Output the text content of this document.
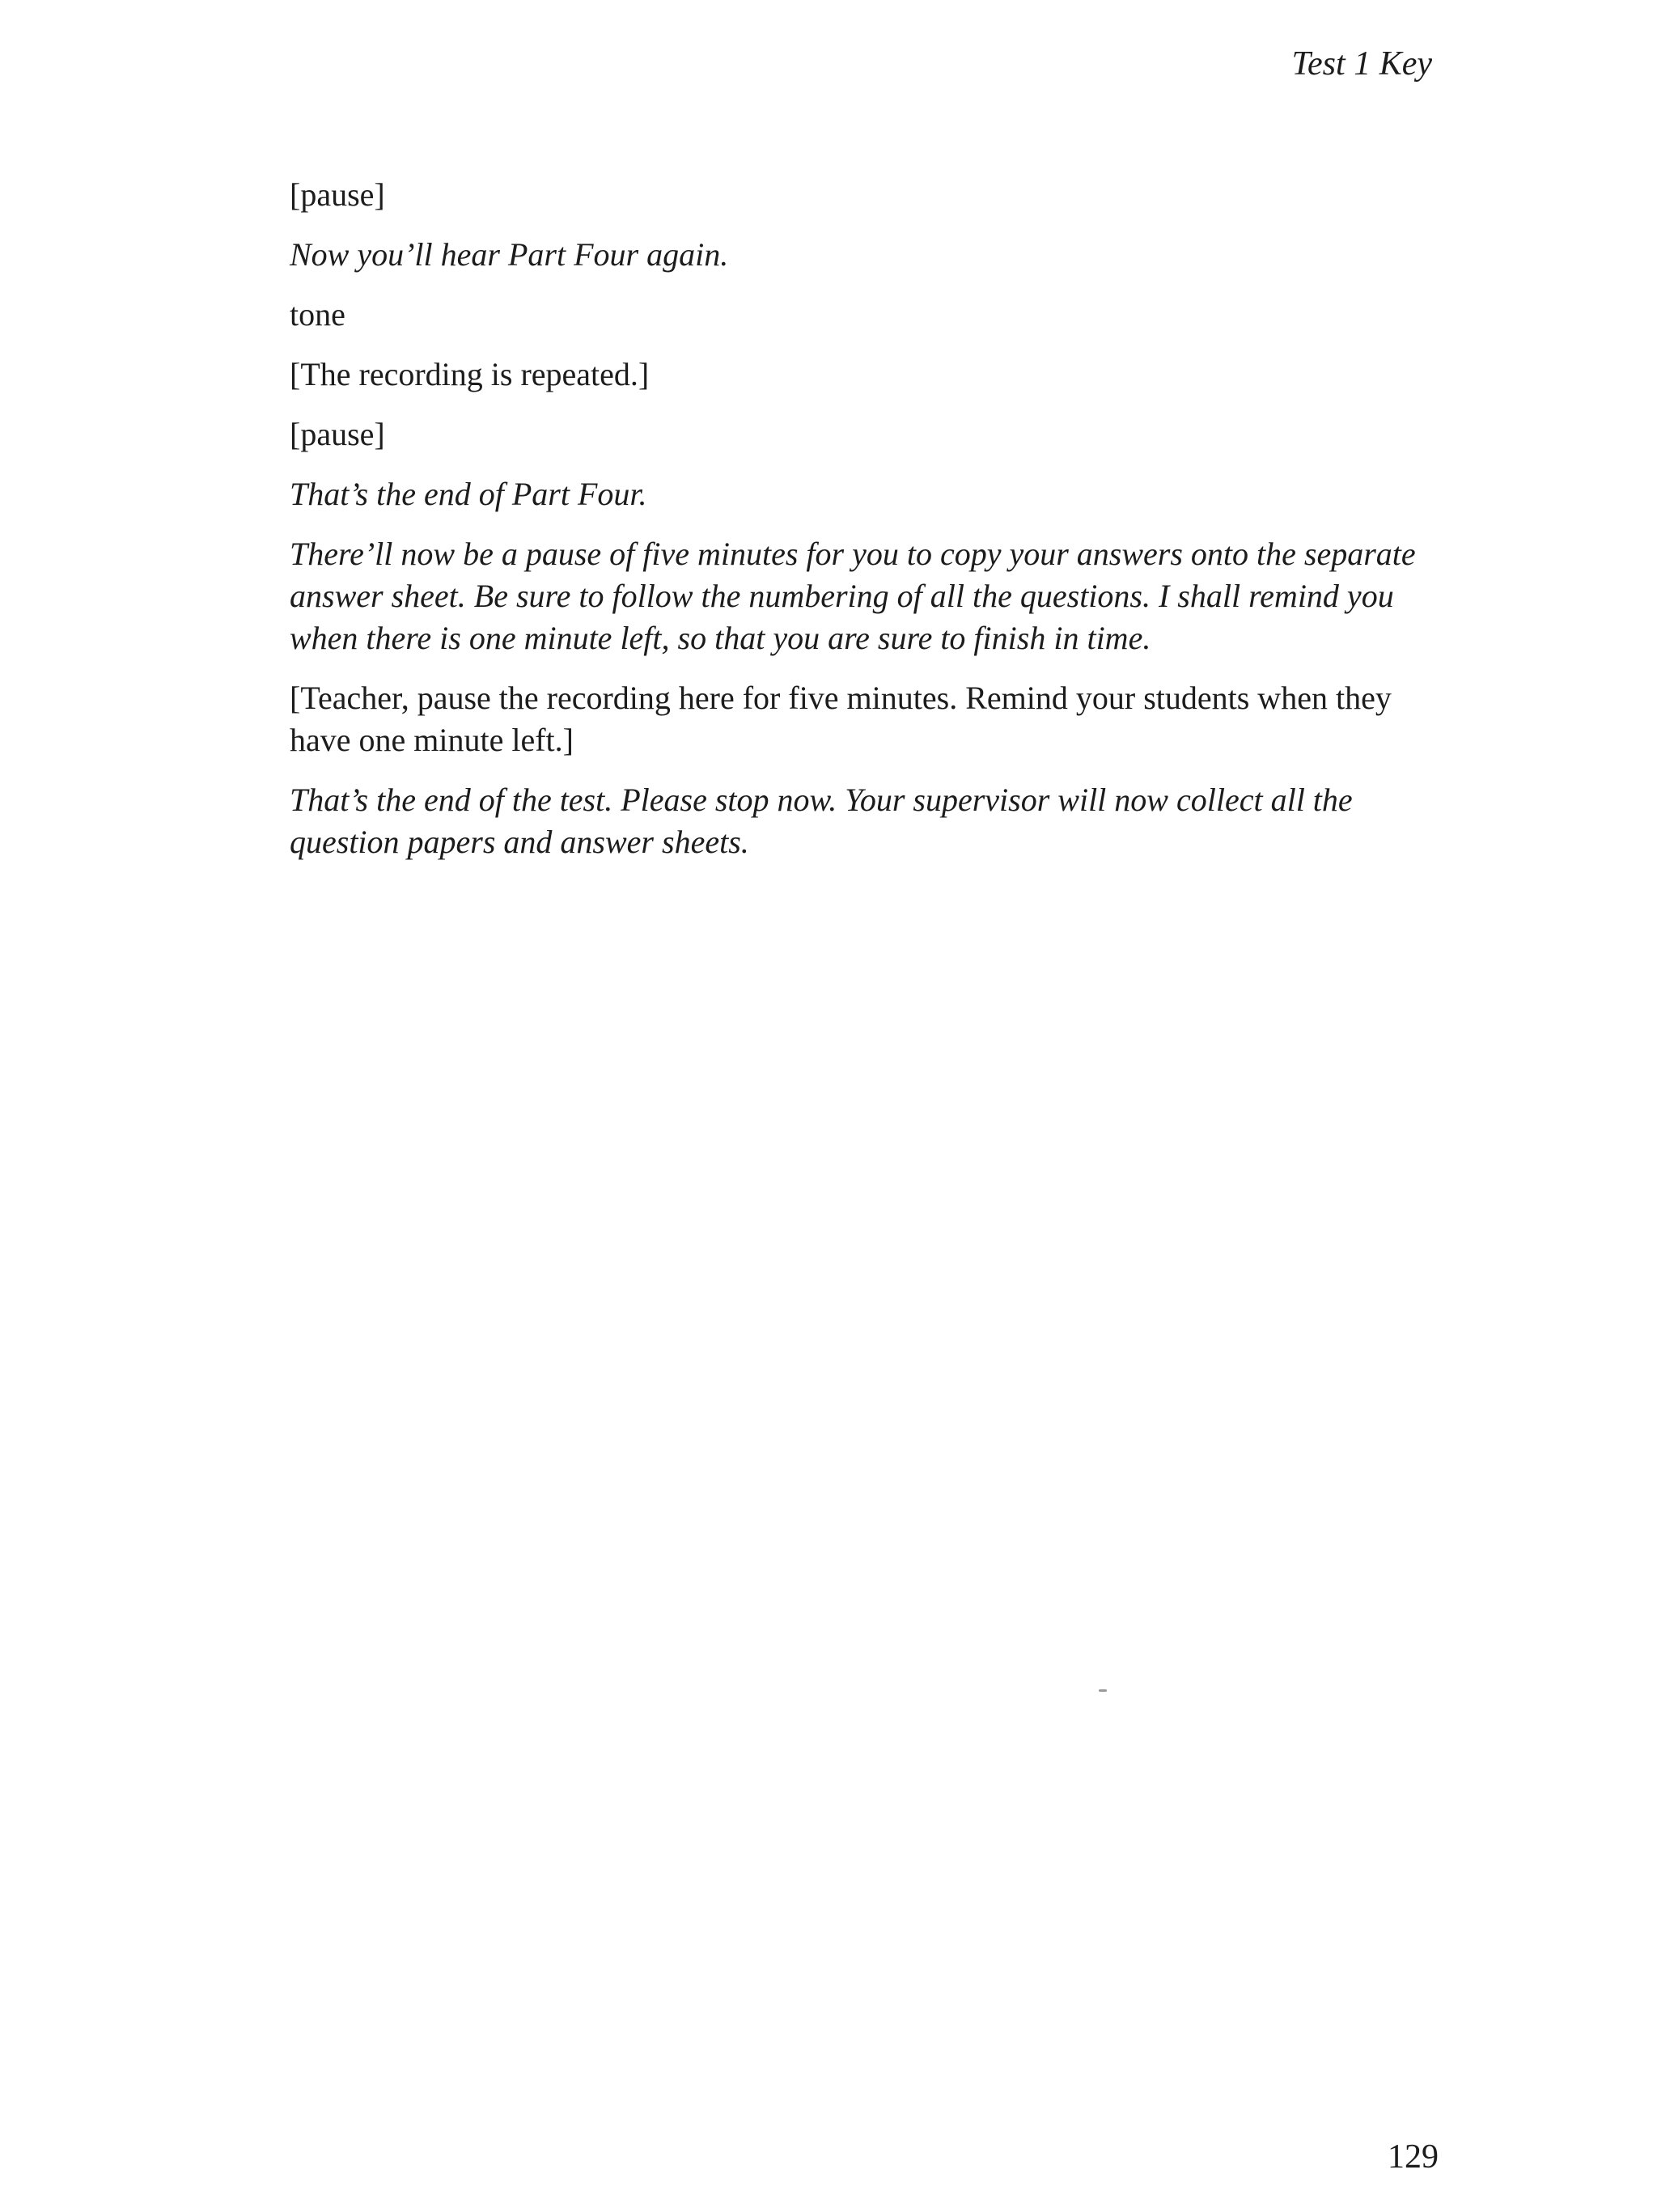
Test 1 Key

[pause]

Now you’ll hear Part Four again.

tone

[The recording is repeated.]

[pause]

That’s the end of Part Four.

There’ll now be a pause of five minutes for you to copy your answers onto the separate answer sheet. Be sure to follow the numbering of all the questions. I shall remind you when there is one minute left, so that you are sure to finish in time.

[Teacher, pause the recording here for five minutes. Remind your students when they have one minute left.]

That’s the end of the test. Please stop now. Your supervisor will now collect all the question papers and answer sheets.

129
